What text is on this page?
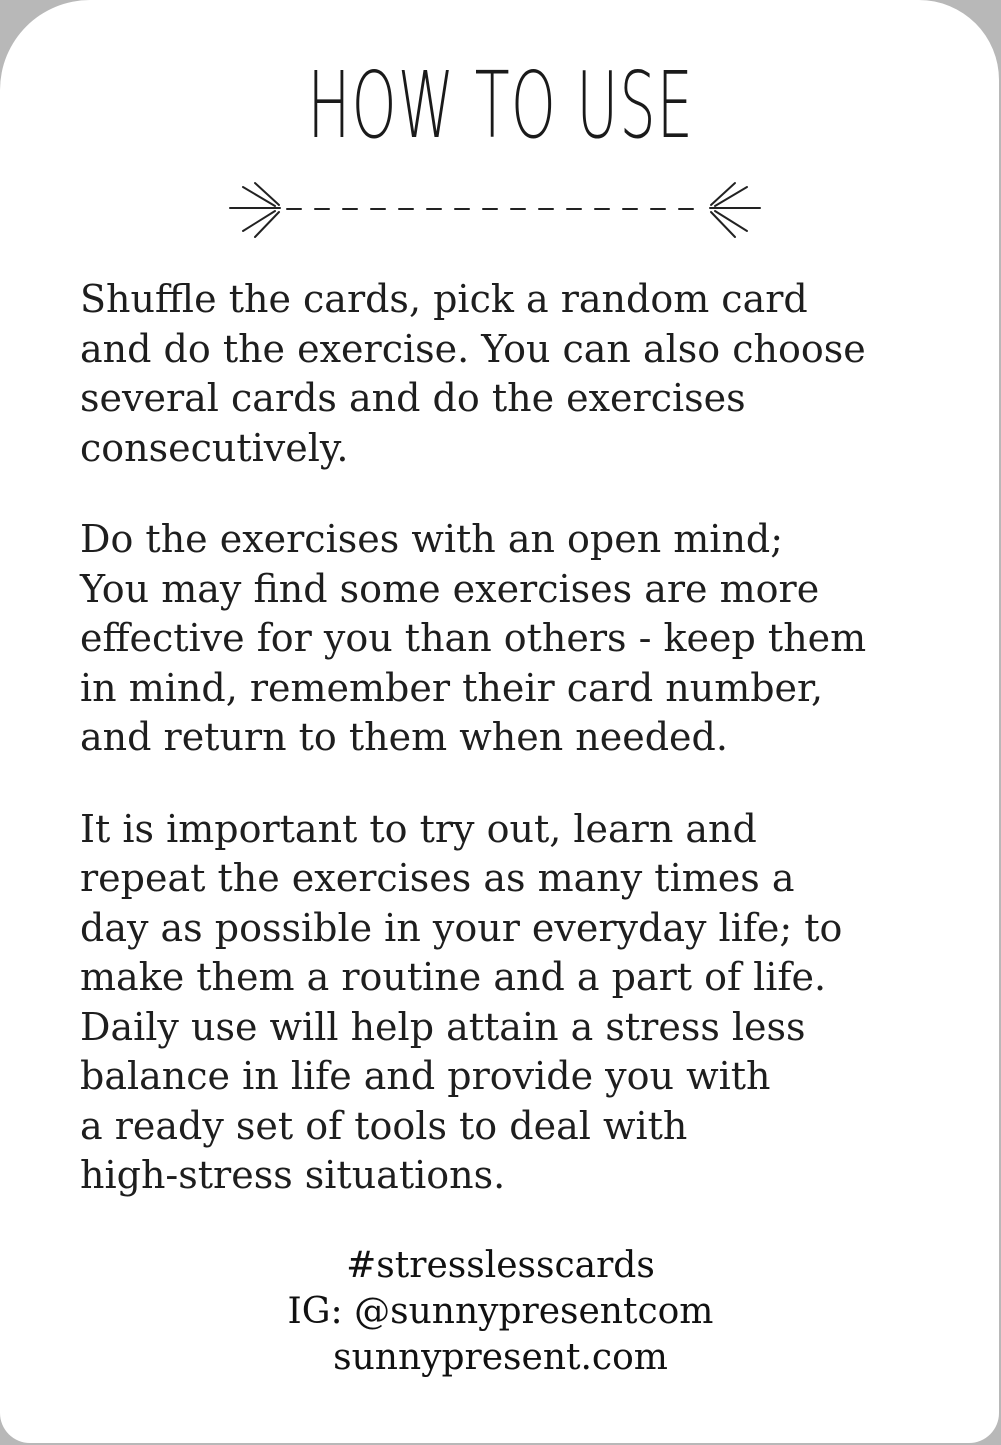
HOW TO USE

Shuffle the cards, pick a random card
and do the exercise. You can also choose
several cards and do the exercises
consecutively.

Do the exercises with an open mind;
You may find some exercises are more
effective for you than others - keep them
in mind, remember their card number,
and return to them when needed.

It is important to try out, learn and
repeat the exercises as many times a
day as possible in your everyday life; to
make them a routine and a part of life.
Daily use will help attain a stress less
balance in life and provide you with
a ready set of tools to deal with
high-stress situations.

#stresslesscards
IG: @sunnypresentcom
sunnypresent.com
